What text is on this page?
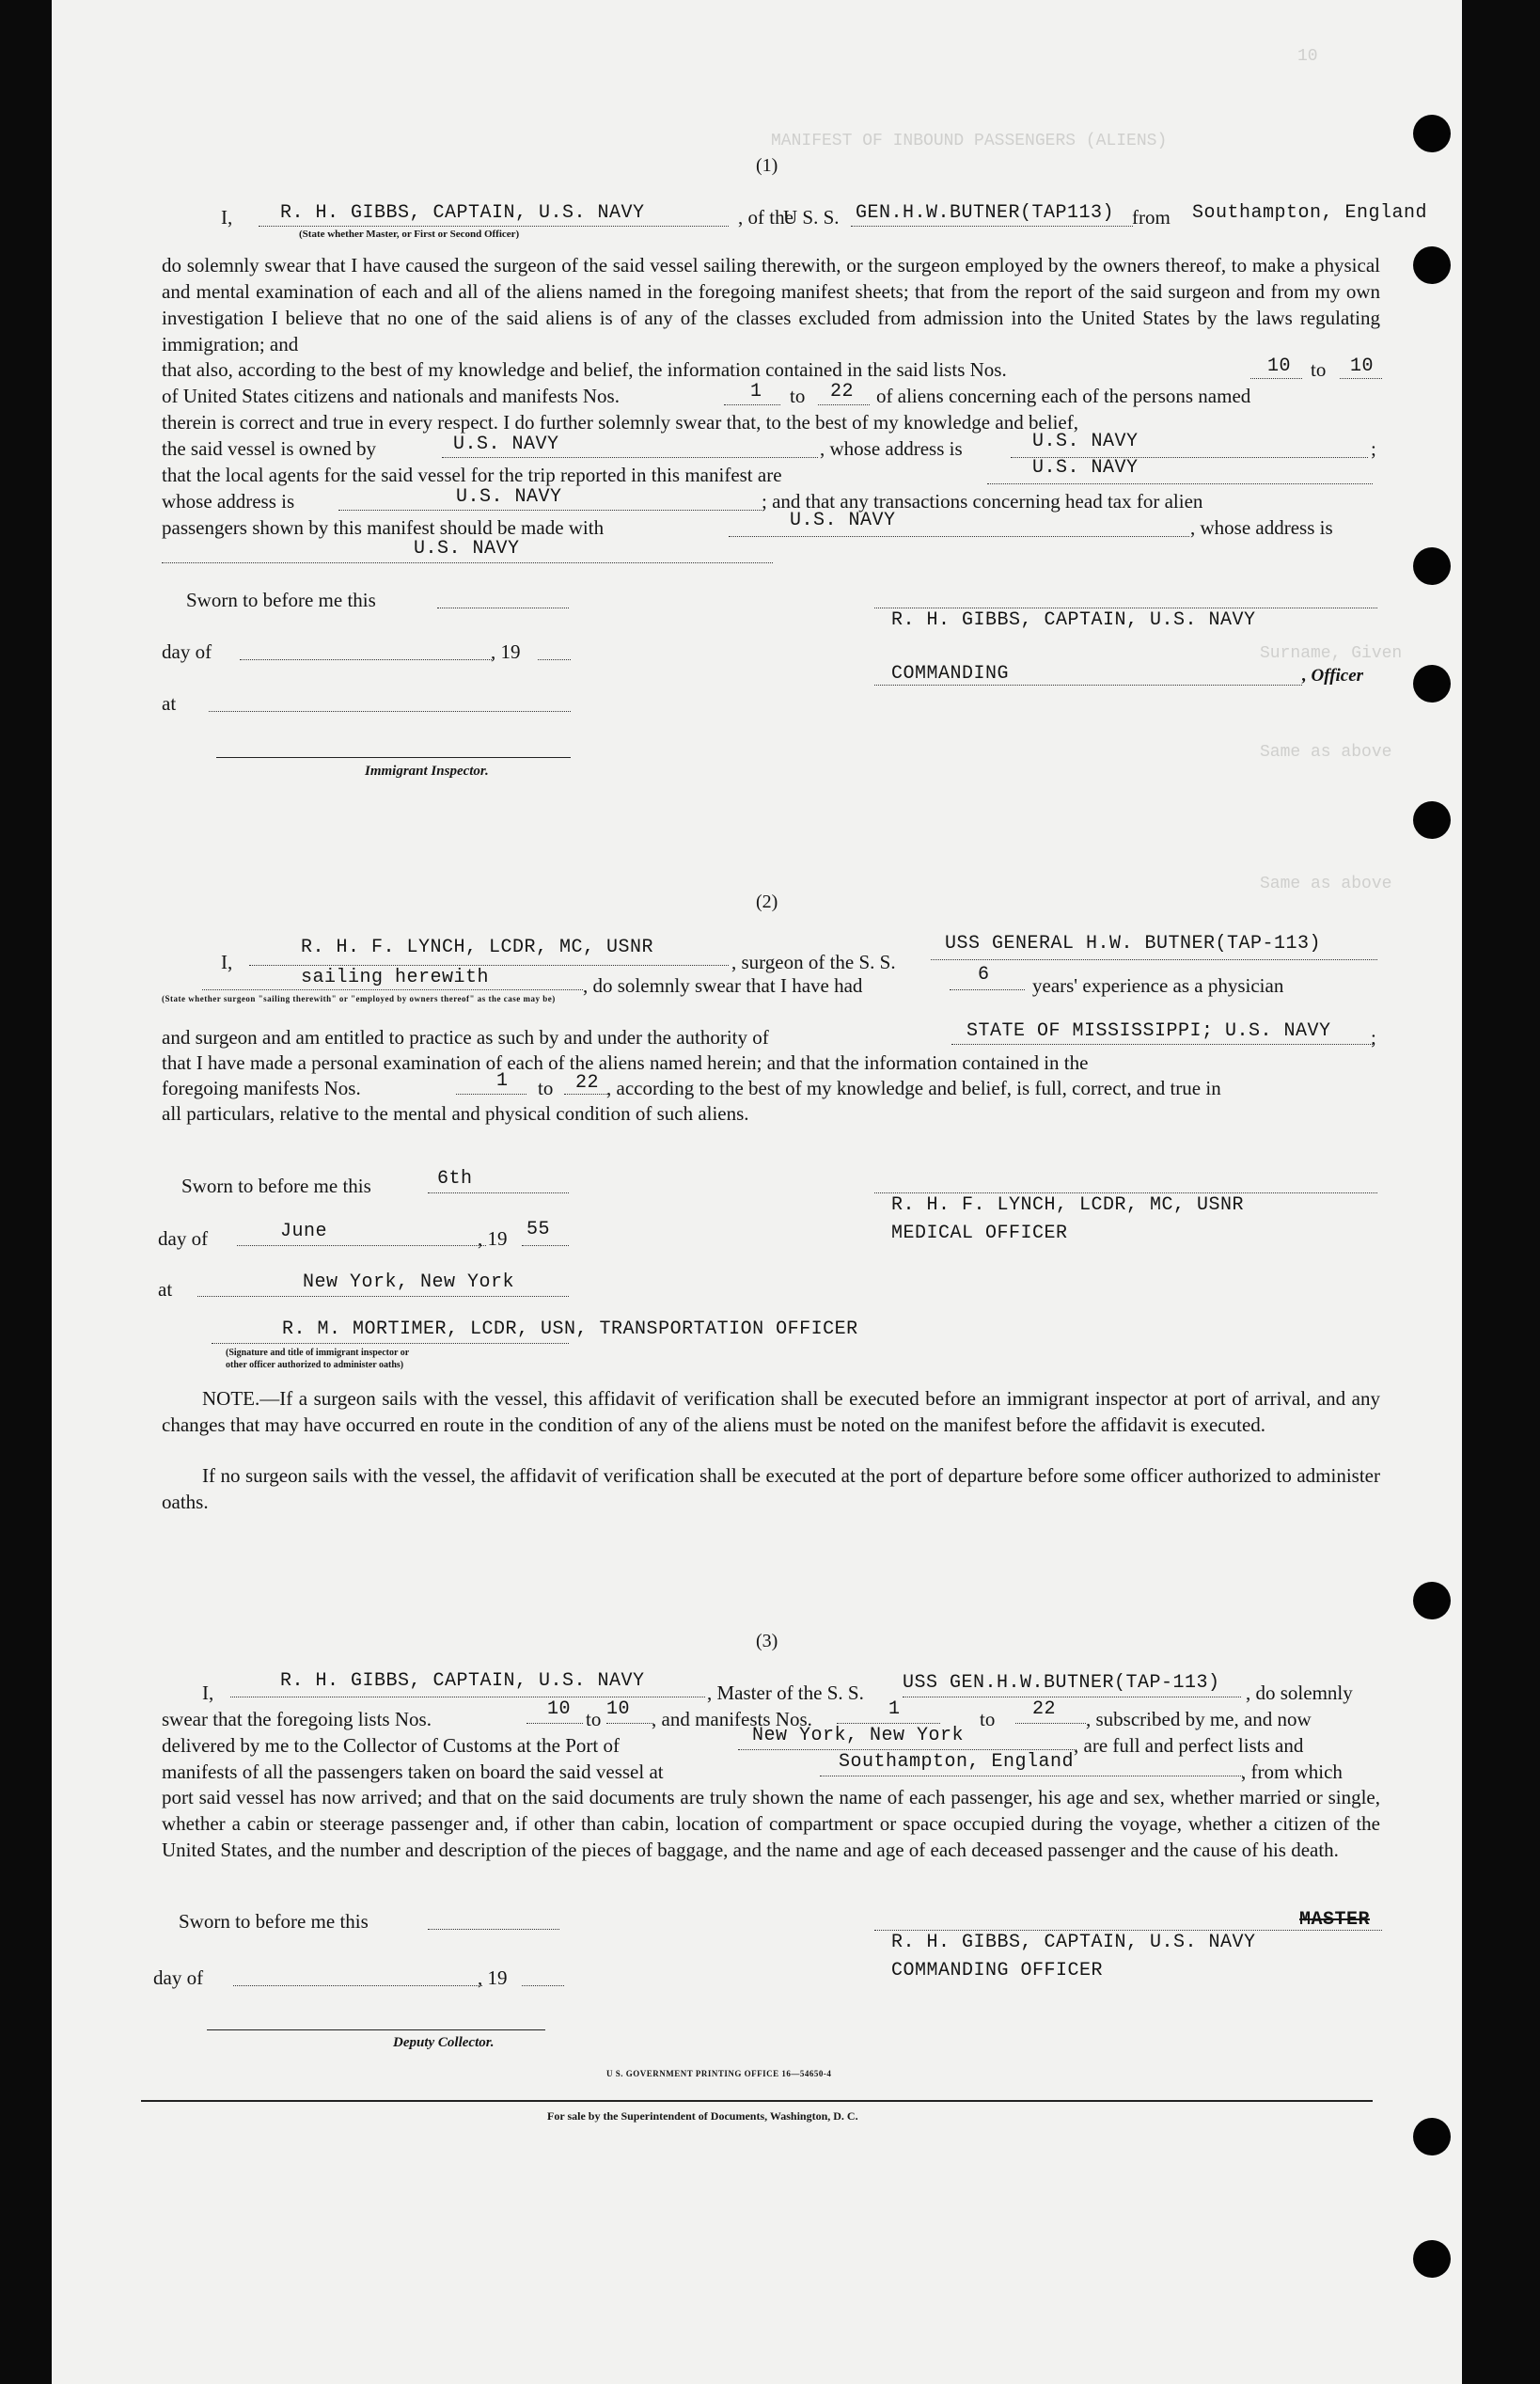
MANIFEST OF INBOUND PASSENGERS (ALIENS)
10
Surname, Given
Same as above
Same as above
(1)
I,	R. H. GIBBS, CAPTAIN, U.S. NAVY	, of the
U S. S. GEN.H.W.BUTNER(TAP113) from Southampton, England
(State whether Master, or First or Second Officer)
do solemnly swear that I have caused the surgeon of the said vessel sailing therewith, or the surgeon employed by the owners thereof, to make a physical and mental examination of each and all of the aliens named in the foregoing manifest sheets; that from the report of the said surgeon and from my own investigation I believe that no one of the said aliens is of any of the classes excluded from admission into the United States by the laws regulating immigration; and
that also, according to the best of my knowledge and belief, the information contained in the said lists Nos.	10 to 10
of United States citizens and nationals and manifests Nos.	1 to 22 of aliens concerning each of the persons named
therein is correct and true in every respect. I do further solemnly swear that, to the best of my knowledge and belief,
the said vessel is owned by	U.S. NAVY	, whose address is	U.S. NAVY	;
that the local agents for the said vessel for the trip reported in this manifest are	U.S. NAVY
whose address is	U.S. NAVY	; and that any transactions concerning head tax for alien
passengers shown by this manifest should be made with	U.S. NAVY	, whose address is
U.S. NAVY
Sworn to before me this
day of	, 19
at
Immigrant Inspector.
R. H. GIBBS, CAPTAIN, U.S. NAVY
COMMANDING	, Officer
(2)
I,
R. H. F. LYNCH, LCDR, MC, USNR
, surgeon of the S. S.
USS GENERAL H.W. BUTNER(TAP-113)
sailing herewith	, do solemnly swear that I have had	6 years' experience as a physician
(State whether surgeon "sailing therewith" or "employed by owners thereof" as the case may be)
and surgeon and am entitled to practice as such by and under the authority of	STATE OF MISSISSIPPI; U.S. NAVY ;
that I have made a personal examination of each of the aliens named herein; and that the information contained in the
foregoing manifests Nos.	1 to 22 , according to the best of my knowledge and belief, is full, correct, and true in
all particulars, relative to the mental and physical condition of such aliens.
Sworn to before me this	6th
day of	June	, 19 55
at	New York, New York
R. M. MORTIMER, LCDR, USN, TRANSPORTATION OFFICER
(Signature and title of immigrant inspector or
other officer authorized to administer oaths)
R. H. F. LYNCH, LCDR, MC, USNR
MEDICAL OFFICER
NOTE.—If a surgeon sails with the vessel, this affidavit of verification shall be executed before an immigrant inspector at port of arrival, and any changes that may have occurred en route in the condition of any of the aliens must be noted on the manifest before the affidavit is executed.
If no surgeon sails with the vessel, the affidavit of verification shall be executed at the port of departure before some officer authorized to administer oaths.
(3)
I,
R. H. GIBBS, CAPTAIN, U.S. NAVY
, Master of the S. S. USS GEN.H.W.BUTNER(TAP-113) , do solemnly
swear that the foregoing lists Nos.	10 to 10 , and manifests Nos.	1	to 22 , subscribed by me, and now
delivered by me to the Collector of Customs at the Port of	New York, New York	, are full and perfect lists and
manifests of all the passengers taken on board the said vessel at	Southampton, England	, from which
port said vessel has now arrived; and that on the said documents are truly shown the name of each passenger, his age and sex, whether married or single, whether a cabin or steerage passenger and, if other than cabin, location of compartment or space occupied during the voyage, whether a citizen of the United States, and the number and description of the pieces of baggage, and the name and age of each deceased passenger and the cause of his death.
Sworn to before me this
day of	, 19
Deputy Collector.
MASTER
R. H. GIBBS, CAPTAIN, U.S. NAVY
COMMANDING OFFICER
U S. GOVERNMENT PRINTING OFFICE 16—54650-4
For sale by the Superintendent of Documents, Washington, D. C.
